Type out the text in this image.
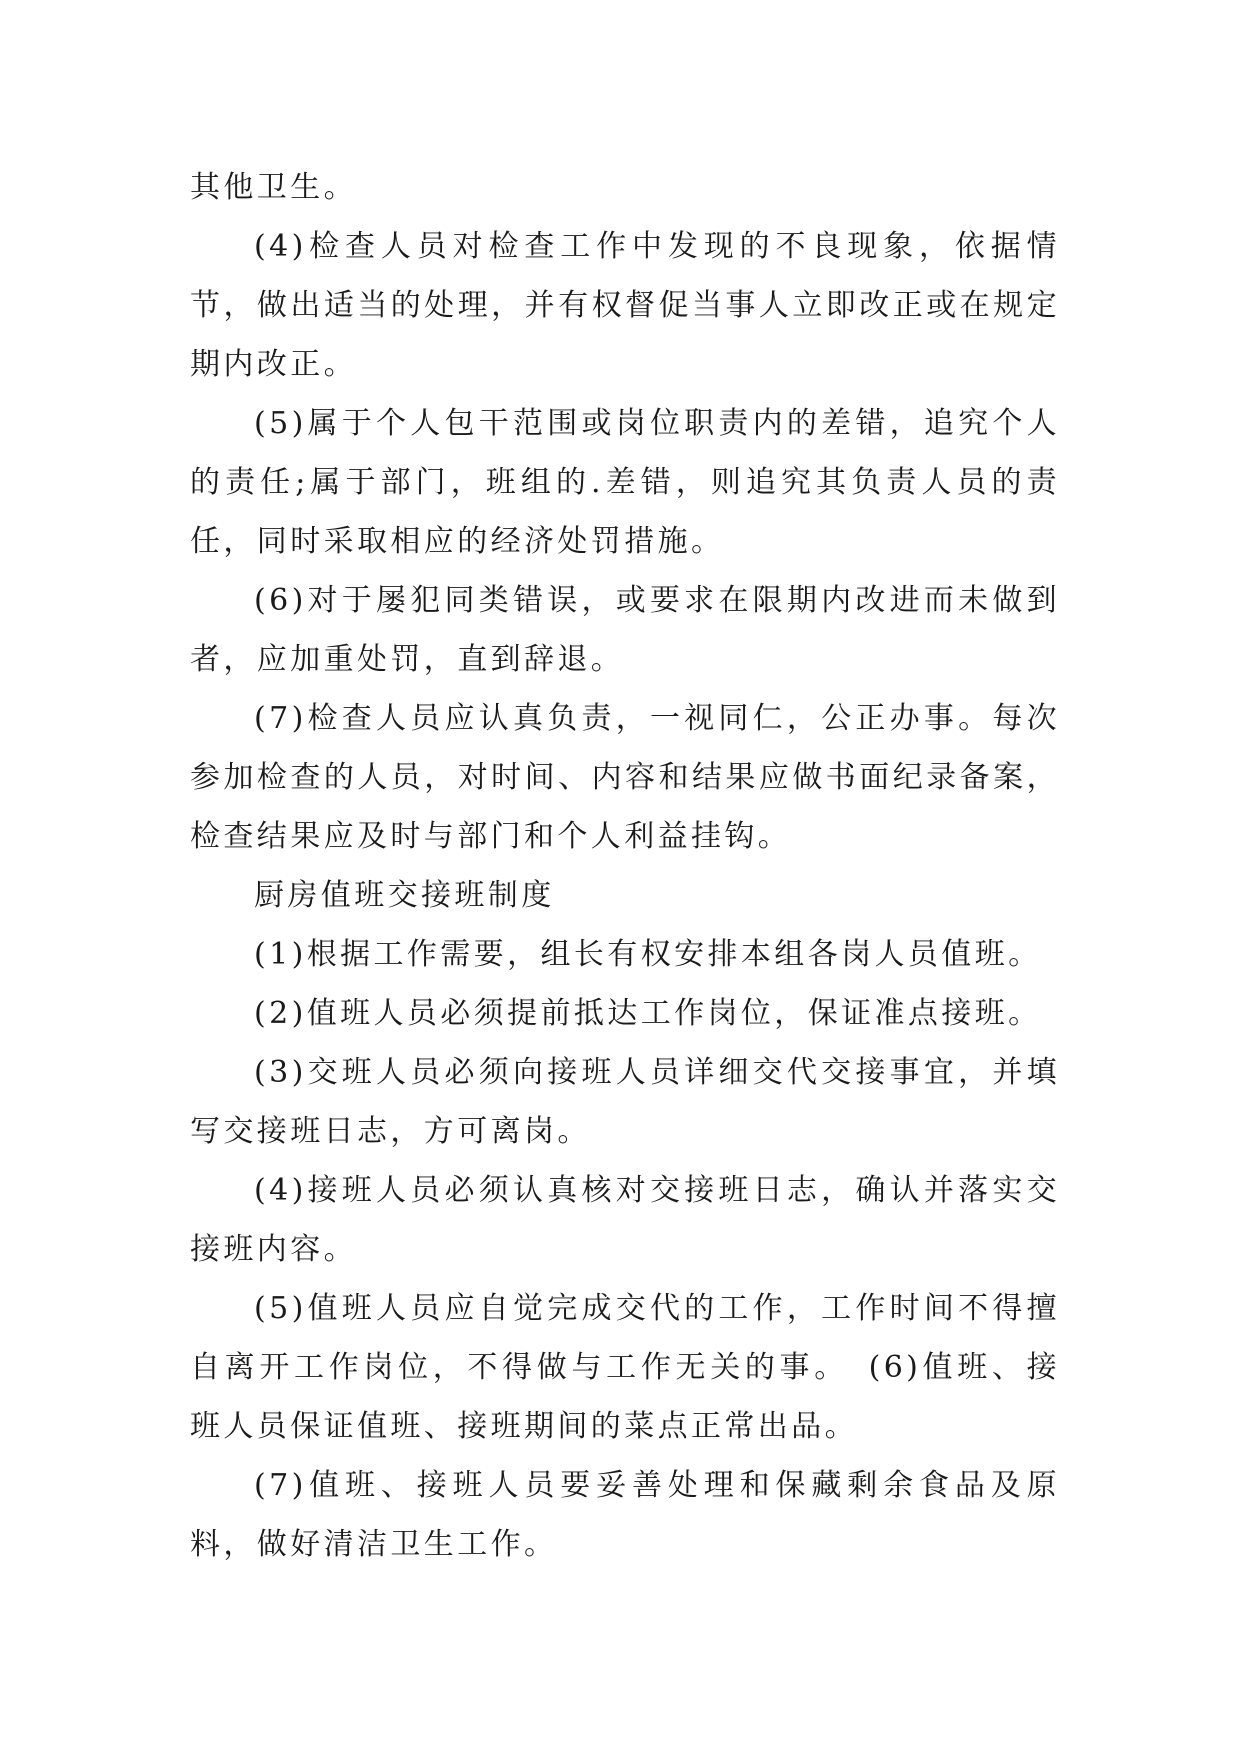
其他卫生。

(4)检查人员对检查工作中发现的不良现象，依据情节，做出适当的处理，并有权督促当事人立即改正或在规定期内改正。

(5)属于个人包干范围或岗位职责内的差错，追究个人的责任;属于部门，班组的.差错，则追究其负责人员的责任，同时采取相应的经济处罚措施。

(6)对于屡犯同类错误，或要求在限期内改进而未做到者，应加重处罚，直到辞退。

(7)检查人员应认真负责，一视同仁，公正办事。每次参加检查的人员，对时间、内容和结果应做书面纪录备案，检查结果应及时与部门和个人利益挂钩。

厨房值班交接班制度

(1)根据工作需要，组长有权安排本组各岗人员值班。

(2)值班人员必须提前抵达工作岗位，保证准点接班。

(3)交班人员必须向接班人员详细交代交接事宜，并填写交接班日志，方可离岗。

(4)接班人员必须认真核对交接班日志，确认并落实交接班内容。

(5)值班人员应自觉完成交代的工作，工作时间不得擅自离开工作岗位，不得做与工作无关的事。　(6)值班、接班人员保证值班、接班期间的菜点正常出品。

(7)值班、接班人员要妥善处理和保藏剩余食品及原料，做好清洁卫生工作。
